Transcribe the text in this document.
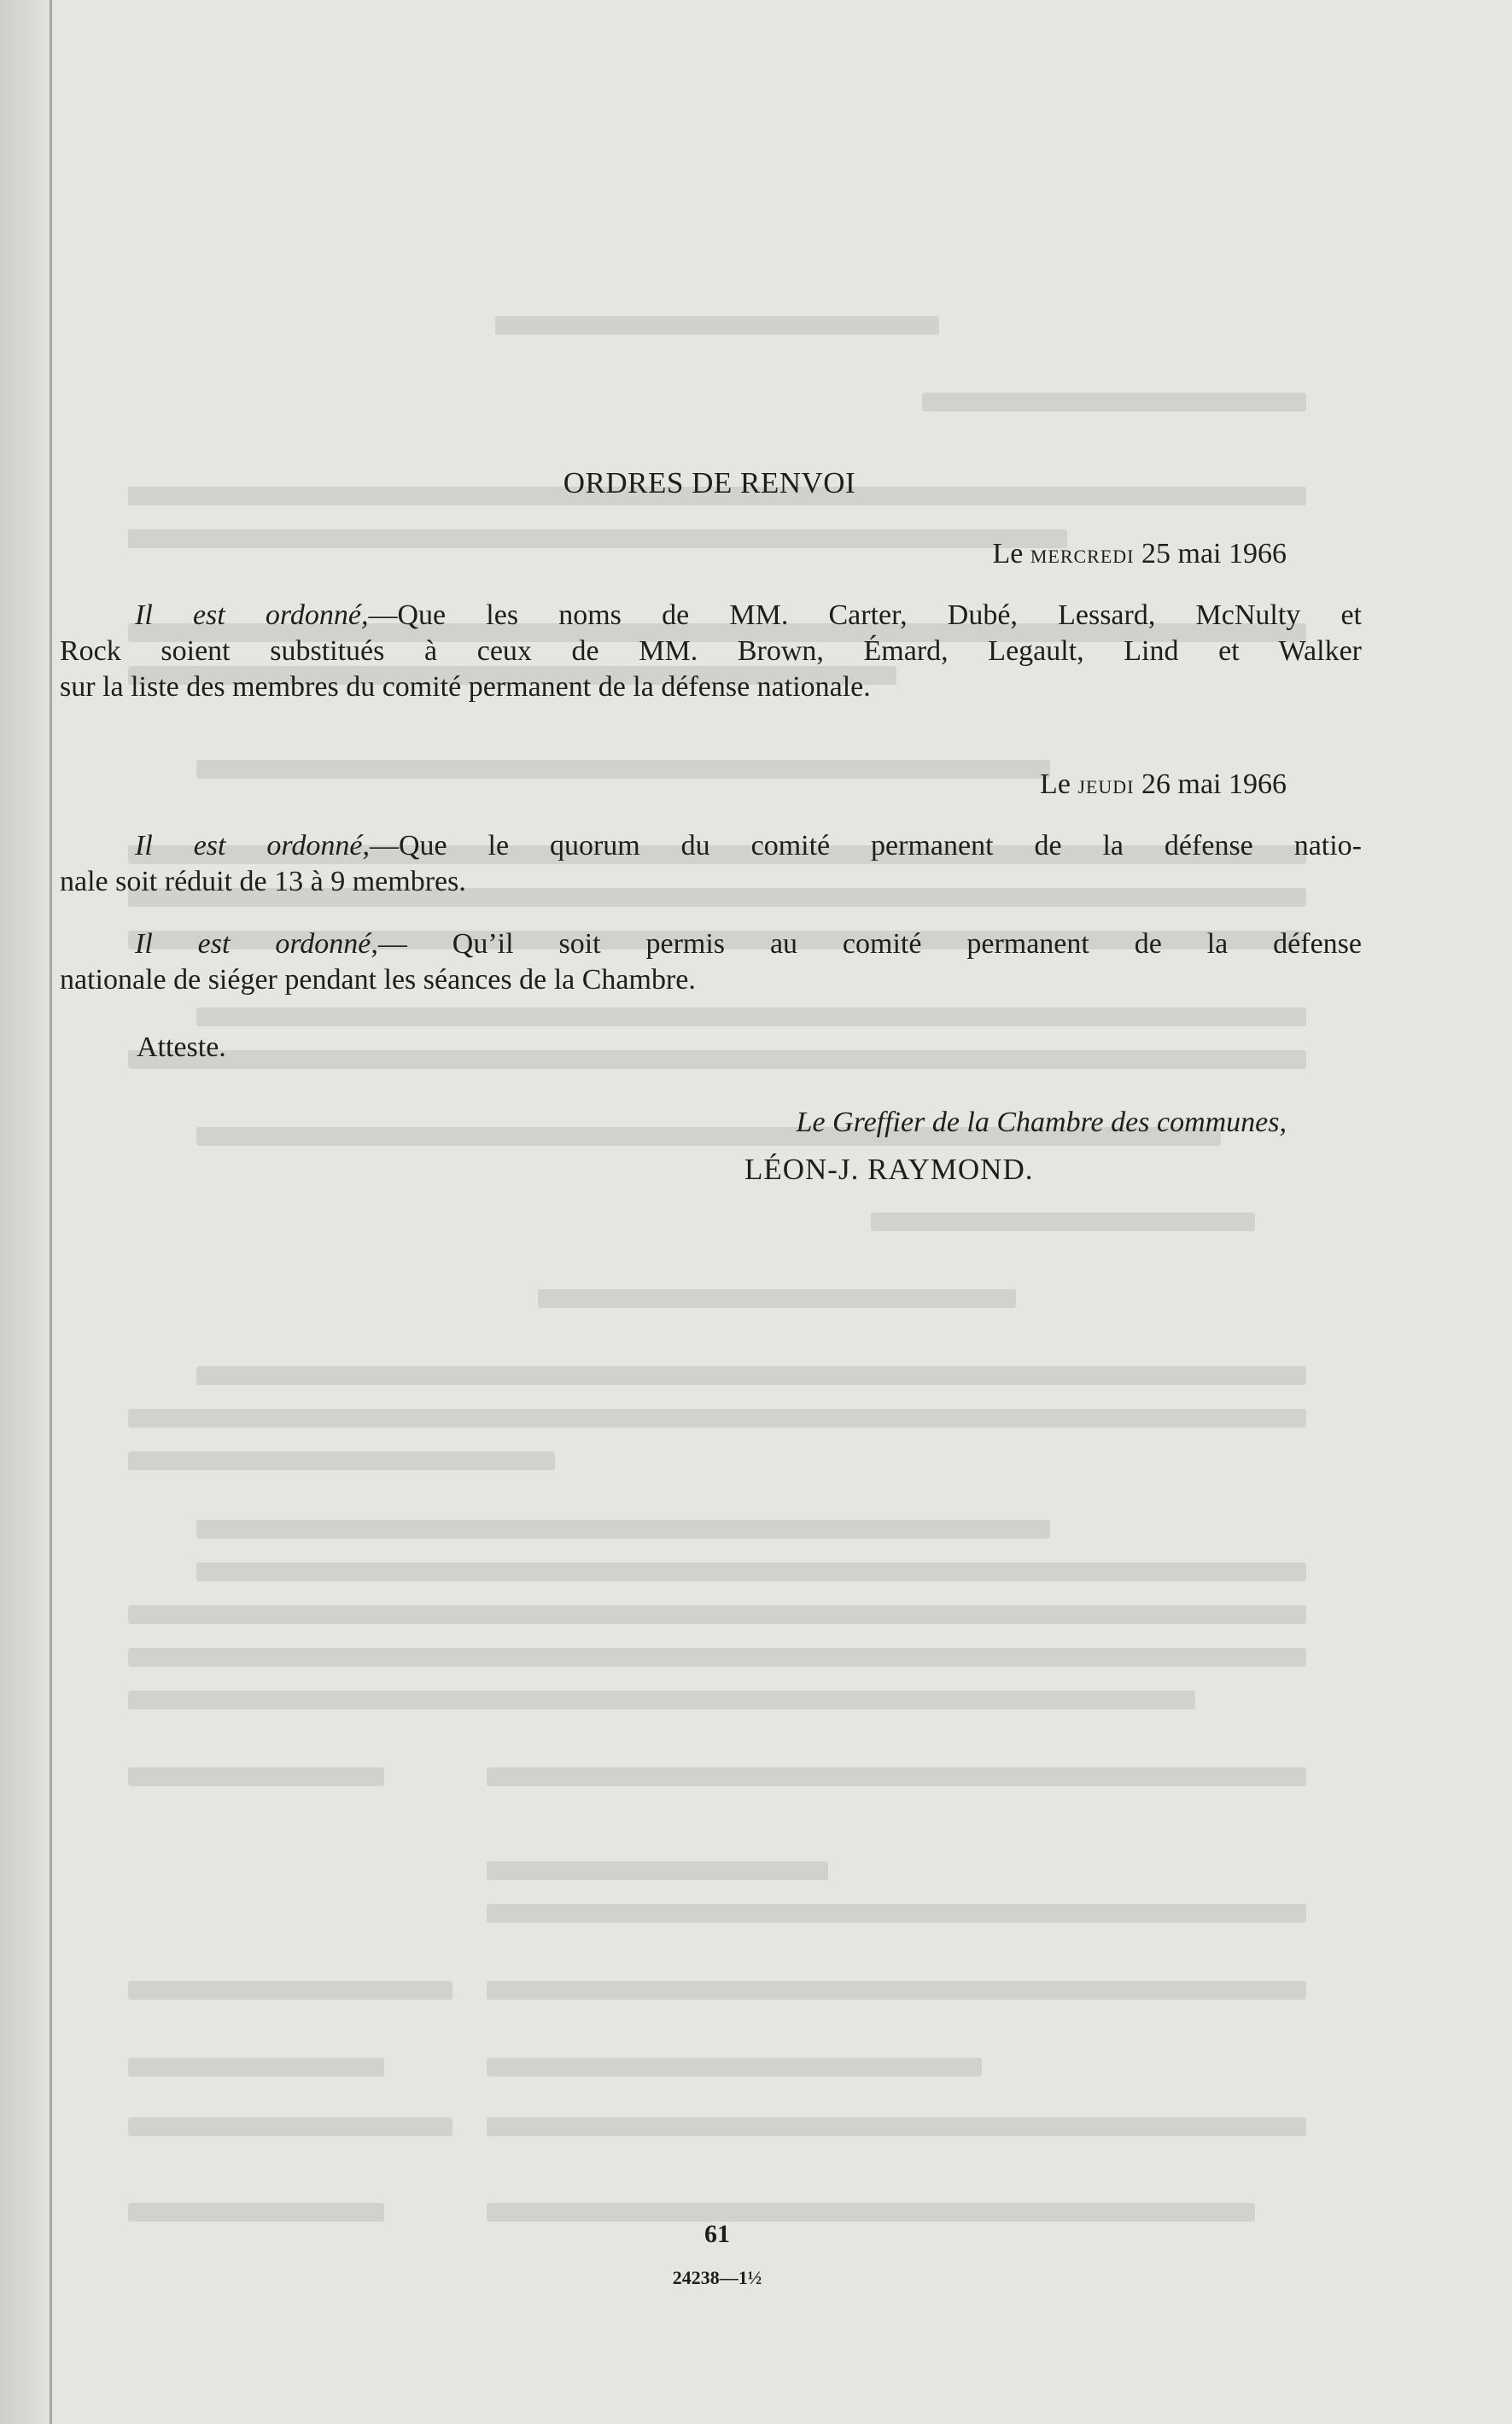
ORDRES DE RENVOI
Le mercredi 25 mai 1966
Il est ordonné,—Que les noms de MM. Carter, Dubé, Lessard, McNulty et
Rock soient substitués à ceux de MM. Brown, Émard, Legault, Lind et Walker
sur la liste des membres du comité permanent de la défense nationale.
Le jeudi 26 mai 1966
Il est ordonné,—Que le quorum du comité permanent de la défense natio-
nale soit réduit de 13 à 9 membres.
Il est ordonné,— Qu’il soit permis au comité permanent de la défense
nationale de siéger pendant les séances de la Chambre.
Atteste.
Le Greffier de la Chambre des communes,
LÉON-J. RAYMOND.
61
24238—1½
